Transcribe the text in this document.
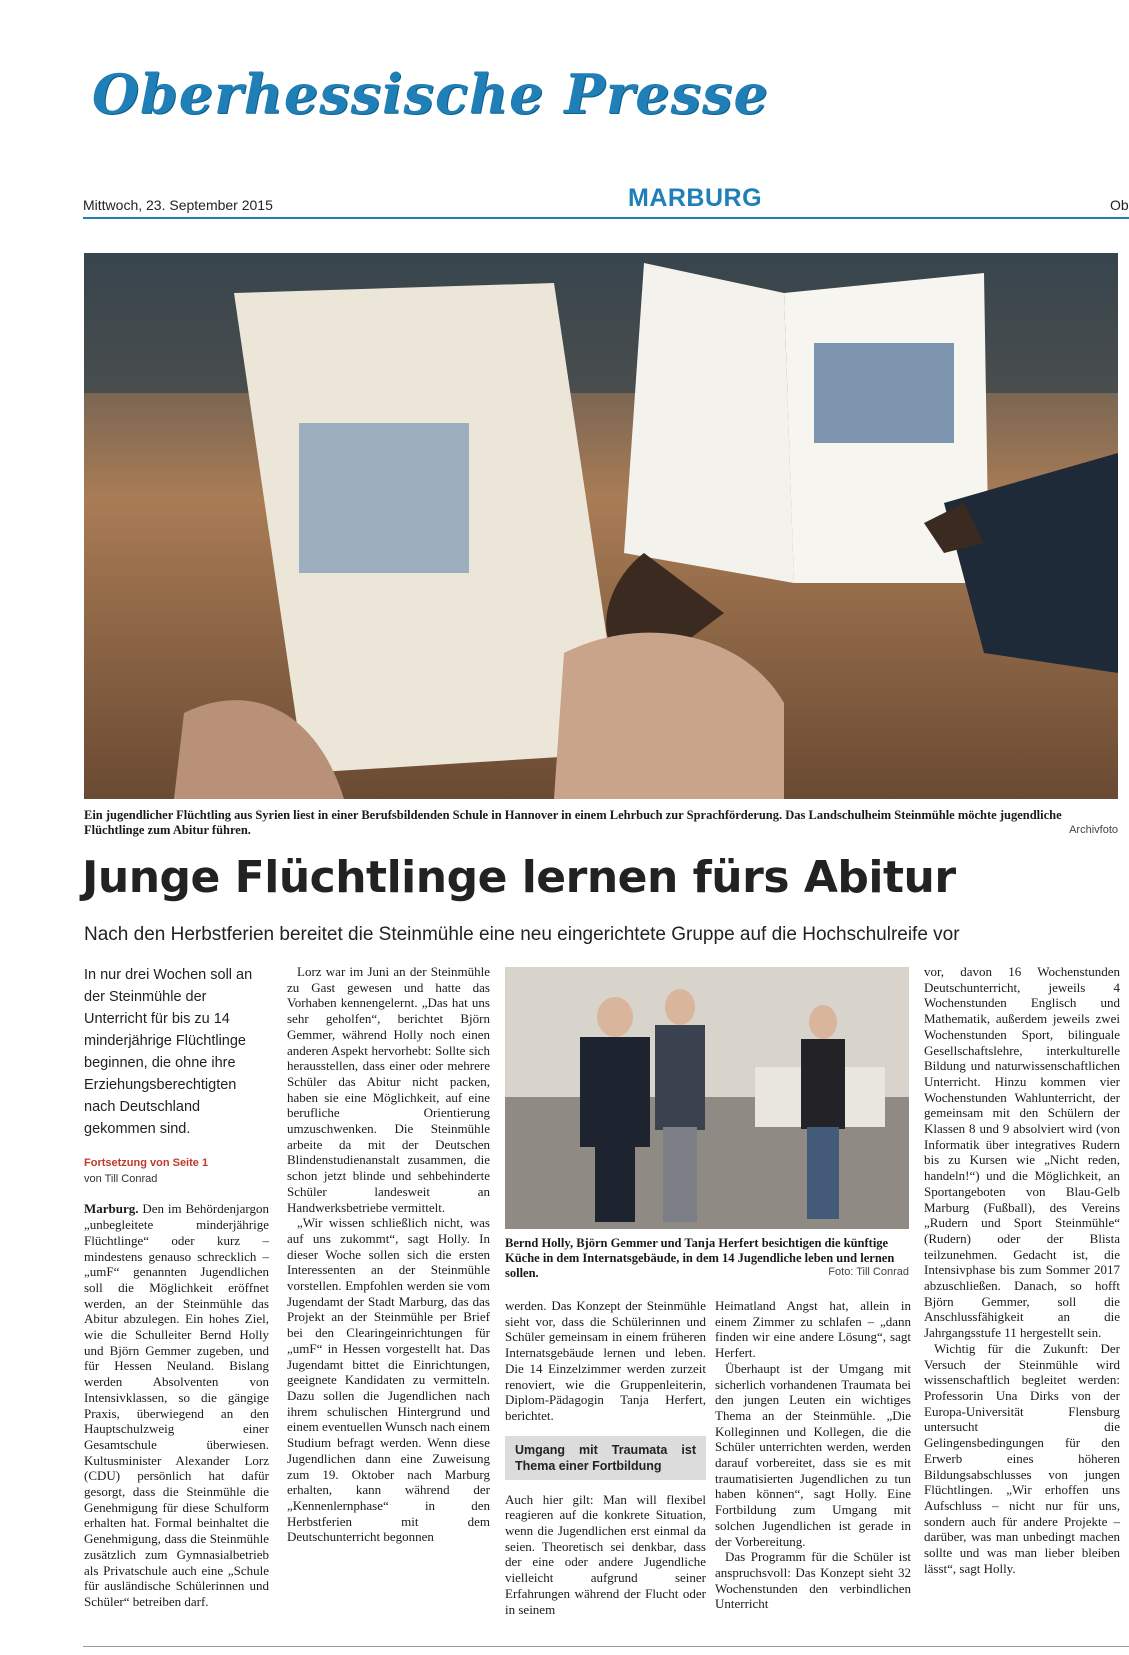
Oberhessische Presse
Mittwoch, 23. September 2015	MARBURG	Ob
Ein jugendlicher Flüchtling aus Syrien liest in einer Berufsbildenden Schule in Hannover in einem Lehrbuch zur Sprachförderung. Das Landschulheim Steinmühle möchte jugendliche Flüchtlinge zum Abitur führen.	Archivfoto
Junge Flüchtlinge lernen fürs Abitur
Nach den Herbstferien bereitet die Steinmühle eine neu eingerichtete Gruppe auf die Hochschulreife vor
In nur drei Wochen soll an der Steinmühle der Unterricht für bis zu 14 minderjährige Flüchtlinge beginnen, die ohne ihre Erziehungsberechtigten nach Deutschland gekommen sind.
Fortsetzung von Seite 1
von Till Conrad

Marburg. Den im Behördenjargon „unbegleitete minderjährige Flüchtlinge“ oder kurz – mindestens genauso schrecklich – „umF“ genannten Jugendlichen soll die Möglichkeit eröffnet werden, an der Steinmühle das Abitur abzulegen. Ein hohes Ziel, wie die Schulleiter Bernd Holly und Björn Gemmer zugeben, und für Hessen Neuland. Bislang werden Absolventen von Intensivklassen, so die gängige Praxis, überwiegend an den Hauptschulzweig einer Gesamtschule überwiesen. Kultusminister Alexander Lorz (CDU) persönlich hat dafür gesorgt, dass die Steinmühle die Genehmigung für diese Schulform erhalten hat. Formal beinhaltet die Genehmigung, dass die Steinmühle zusätzlich zum Gymnasialbetrieb als Privatschule auch eine „Schule für ausländische Schülerinnen und Schüler“ betreiben darf.

Lorz war im Juni an der Steinmühle zu Gast gewesen und hatte das Vorhaben kennengelernt. „Das hat uns sehr geholfen“, berichtet Björn Gemmer, während Holly noch einen anderen Aspekt hervorhebt: Sollte sich herausstellen, dass einer oder mehrere Schüler das Abitur nicht packen, haben sie eine Möglichkeit, auf eine berufliche Orientierung umzuschwenken. Die Steinmühle arbeite da mit der Deutschen Blindenstudienanstalt zusammen, die schon jetzt blinde und sehbehinderte Schüler landesweit an Handwerksbetriebe vermittelt.

„Wir wissen schließlich nicht, was auf uns zukommt“, sagt Holly. In dieser Woche sollen sich die ersten Interessenten an der Steinmühle vorstellen. Empfohlen werden sie vom Jugendamt der Stadt Marburg, das das Projekt an der Steinmühle per Brief bei den Clearingeinrichtungen für „umF“ in Hessen vorgestellt hat. Das Jugendamt bittet die Einrichtungen, geeignete Kandidaten zu vermitteln. Dazu sollen die Jugendlichen nach ihrem schulischen Hintergrund und einem eventuellen Wunsch nach einem Studium befragt werden. Wenn diese Jugendlichen dann eine Zuweisung zum 19. Oktober nach Marburg erhalten, kann während der „Kennenlernphase“ in den Herbstferien mit dem Deutschunterricht begonnen

Bernd Holly, Björn Gemmer und Tanja Herfert besichtigen die künftige Küche in dem Internatsgebäude, in dem 14 Jugendliche leben und lernen sollen.	Foto: Till Conrad

werden. Das Konzept der Steinmühle sieht vor, dass die Schülerinnen und Schüler gemeinsam in einem früheren Internatsgebäude lernen und leben. Die 14 Einzelzimmer werden zurzeit renoviert, wie die Gruppenleiterin, Diplom-Pädagogin Tanja Herfert, berichtet.

Umgang mit Traumata ist Thema einer Fortbildung

Auch hier gilt: Man will flexibel reagieren auf die konkrete Situation, wenn die Jugendlichen erst einmal da seien. Theoretisch sei denkbar, dass der eine oder andere Jugendliche vielleicht aufgrund seiner Erfahrungen während der Flucht oder in seinem

Heimatland Angst hat, allein in einem Zimmer zu schlafen – „dann finden wir eine andere Lösung“, sagt Herfert.

Überhaupt ist der Umgang mit sicherlich vorhandenen Traumata bei den jungen Leuten ein wichtiges Thema an der Steinmühle. „Die Kolleginnen und Kollegen, die die Schüler unterrichten werden, werden darauf vorbereitet, dass sie es mit traumatisierten Jugendlichen zu tun haben können“, sagt Holly. Eine Fortbildung zum Umgang mit solchen Jugendlichen ist gerade in der Vorbereitung.

Das Programm für die Schüler ist anspruchsvoll: Das Konzept sieht 32 Wochenstunden den verbindlichen Unterricht

vor, davon 16 Wochenstunden Deutschunterricht, jeweils 4 Wochenstunden Englisch und Mathematik, außerdem jeweils zwei Wochenstunden Sport, bilinguale Gesellschaftslehre, interkulturelle Bildung und naturwissenschaftlichen Unterricht. Hinzu kommen vier Wochenstunden Wahlunterricht, der gemeinsam mit den Schülern der Klassen 8 und 9 absolviert wird (von Informatik über integratives Rudern bis zu Kursen wie „Nicht reden, handeln!“) und die Möglichkeit, an Sportangeboten von Blau-Gelb Marburg (Fußball), des Vereins „Rudern und Sport Steinmühle“ (Rudern) oder der Blista teilzunehmen. Gedacht ist, die Intensivphase bis zum Sommer 2017 abzuschließen. Danach, so hofft Björn Gemmer, soll die Anschlussfähigkeit an die Jahrgangsstufe 11 hergestellt sein.

Wichtig für die Zukunft: Der Versuch der Steinmühle wird wissenschaftlich begleitet werden: Professorin Una Dirks von der Europa-Universität Flensburg untersucht die Gelingensbedingungen für den Erwerb eines höheren Bildungsabschlusses von jungen Flüchtlingen. „Wir erhoffen uns Aufschluss – nicht nur für uns, sondern auch für andere Projekte – darüber, was man unbedingt machen sollte und was man lieber bleiben lässt“, sagt Holly.
